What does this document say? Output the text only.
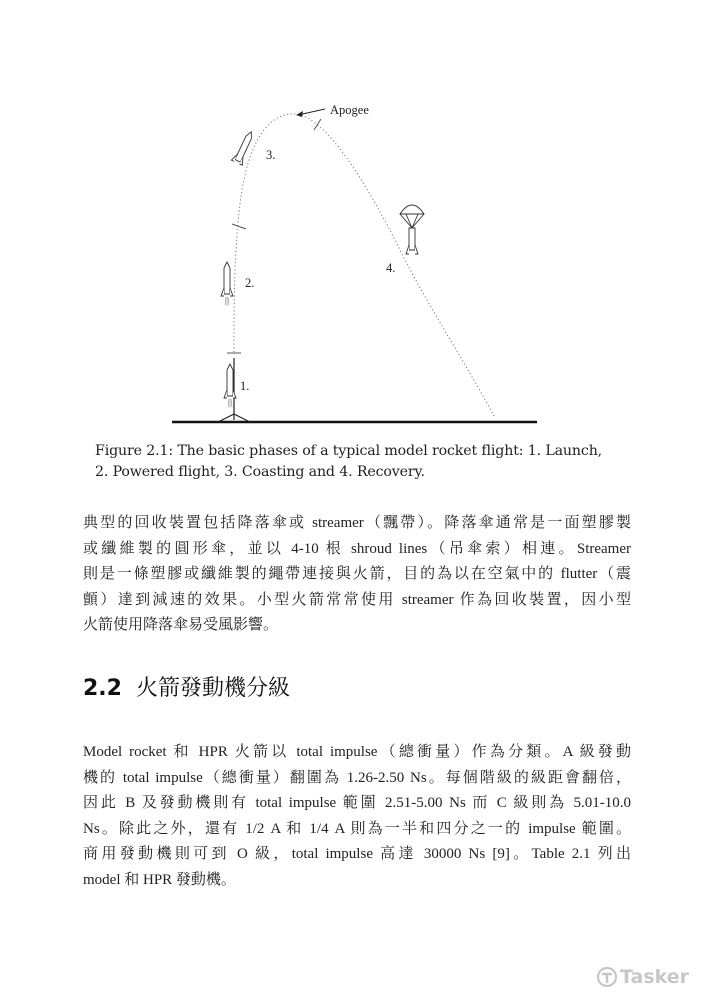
Apogee
1.
2.
3.
4.
Figure 2.1: The basic phases of a typical model rocket flight: 1. Launch,
2. Powered flight, 3. Coasting and 4. Recovery.
典型的回收裝置包括降落傘或 streamer（飄帶）。降落傘通常是一面塑膠製
或纖維製的圓形傘，並以 4-10 根 shroud lines（吊傘索）相連。Streamer
則是一條塑膠或纖維製的繩帶連接與火箭，目的為以在空氣中的 flutter（震
顫）達到減速的效果。小型火箭常常使用 streamer 作為回收裝置，因小型
火箭使用降落傘易受風影響。
2.2 火箭發動機分級
Model rocket 和 HPR 火箭以 total impulse（總衝量）作為分類。A 級發動
機的 total impulse（總衝量）翻圍為 1.26-2.50 Ns。每個階級的級距會翻倍，
因此 B 及發動機則有 total impulse 範圍 2.51-5.00 Ns 而 C 級則為 5.01-10.0
Ns。除此之外，還有 1/2 A 和 1/4 A 則為一半和四分之一的 impulse 範圍。
商用發動機則可到 O 級，total impulse 高達 30000 Ns [9]。Table 2.1 列出
model 和 HPR 發動機。
Tasker
